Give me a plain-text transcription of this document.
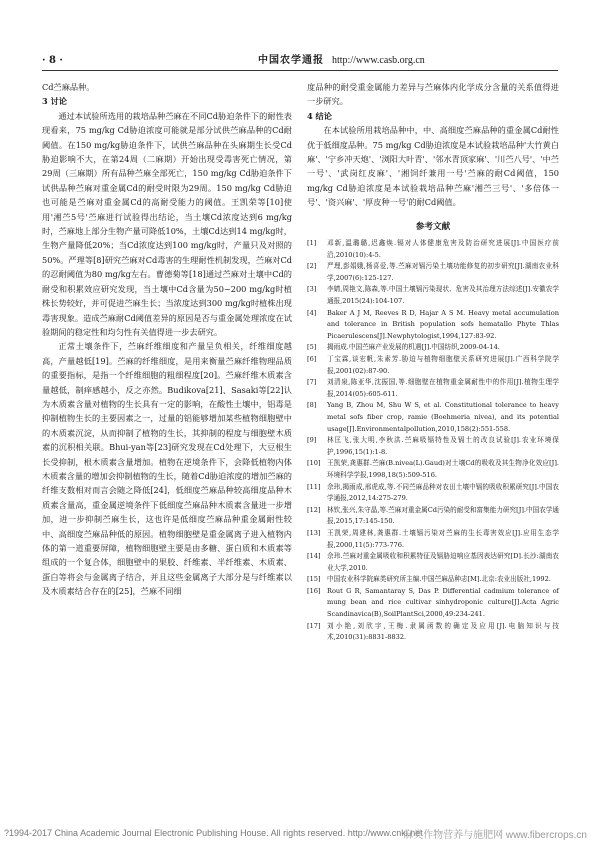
· 8 ·	中国农学通报 http://www.casb.org.cn

Cd苎麻品种。

3 讨论

通过本试验所选用的栽培品种苎麻在不同Cd胁迫条件下的耐性表现看来，75 mg/kg Cd胁迫浓度可能就是部分试供苎麻品种的Cd耐阈值。在150 mg/kg胁迫条件下，试供苎麻品种在头麻期生长受Cd胁迫影响不大，在第24周（二麻期）开始出现受毒害死亡情况，第29周（三麻期）所有品种苎麻全部死亡，150 mg/kg Cd胁迫条件下试供品种苎麻对重金属Cd的耐受时限为29周。150 mg/kg Cd胁迫也可能是苎麻对重金属Cd的高耐受能力的阈值。王凯荣等[10]使用'湘苎5号'苎麻进行试验得出结论，当土壤Cd浓度达到6 mg/kg时，苎麻地上部分生物产量可降低10%，土壤Cd达到14 mg/kg时，生物产量降低20%；当Cd浓度达到100 mg/kg时，产量只及对照的50%。严理等[8]研究苎麻对Cd毒害的生理耐性机制发现，苎麻对Cd的忍耐阈值为80 mg/kg左右。曹德菊等[18]通过苎麻对土壤中Cd的耐受和积累效应研究发现，当土壤中Cd含量为50~200 mg/kg时植株长势较好，并可促进苎麻生长；当浓度达到300 mg/kg时植株出现毒害现象。造成苎麻耐Cd阈值差异的原因是否与重金属处理浓度在试验期间的稳定性和均匀性有关值得进一步去研究。

正常土壤条件下，苎麻纤维细度和产量呈负相关，纤维细度越高，产量越低[19]。苎麻的纤维细度，是用来衡量苎麻纤维物理品质的重要指标，是指一个纤维细胞的粗细程度[20]。苎麻纤维木质素含量越低，制痒感越小，反之亦然。Budikova[21]、Sasaki等[22]认为木质素含量对植物的生长具有一定的影响，在酸性土壤中，铝毒是抑制植物生长的主要因素之一，过量的铝能够增加某些植物细胞壁中的木质素沉淀，从而抑制了植物的生长，其抑制的程度与细胞壁木质素的沉积相关联。Bhui-yan等[23]研究发现在Cd处理下，大豆根生长受抑制，根木质素含量增加。植物在逆境条件下，会降低植物内体木质素含量的增加会抑制植物的生长，随着Cd胁迫浓度的增加苎麻的纤维支数相对而言会随之降低[24]，低细度苎麻品种较高细度品种木质素含量高，重金属逆境条件下低细度苎麻品种木质素含量进一步增加，进一步抑制苎麻生长，这也许是低细度苎麻品种重金属耐性较中、高细度苎麻品种低的原因。植物细胞壁是重金属离子进入植物内体的第一道重要屏障，植物细胞壁主要是由多糖、蛋白质和木质素等组成的一个复合体，细胞壁中的果胶、纤维素、半纤维素、木质素、蛋白等将会与金属离子结合，并且这些金属离子大部分是与纤维素以及木质素结合存在的[25]，苎麻不同细

度品种的耐受重金属能力差异与苎麻体内化学成分含量的关系值得进一步研究。

4 结论

在本试验所用栽培品种中，中、高细度苎麻品种的重金属Cd耐性优于低细度品种。75 mg/kg Cd胁迫浓度是本试验栽培品种'大竹黄白麻'、'宁乡冲天炮'、'浏阳大叶青'、'邻水青顶家麻'、'川苎八号'、'中苎一号'、'武岗红皮麻'、'湘饲纤兼用一号'苎麻的耐Cd阈值，150 mg/kg Cd胁迫浓度是本试验栽培品种苎麻'湘苎三号'、'多倍体一号'、'资兴麻'、'厚皮种一号'的耐Cd阈值。

参考文献
[1] 邓新,温璐璐,迟鑫焕.镉对人体健康危害及防治研究进展[J].中国医疗前沿,2010(10):4-5.
[2] 严理,彭娟娥,杨喜爱,等.苎麻对镉污染土壤功能修复的初步研究[J].湖南农业科学,2007(6):125-127.
[3] 李婧,周艳文,陈森,等.中国土壤镉污染现状、危害及其治理方法综述[J].安徽农学通报,2015(24):104-107.
[4] Baker A J M, Reeves R D, Hajar A S M. Heavy metal accumulation and tolerance in British population sofs hematallo Phyte Thlas Picaerulescens[J].Newphytologist,1994,127:83-92.
[5] 揭雨成.中国苎麻产业发展的机遇[J].中国纺织,2009-04-14.
[6] 丁宝霖,谈宏帆,朱素芳.胁迫与植物细胞壁关系研究进展[J].广西科学院学报,2001(02):87-90.
[7] 刘清泉,陈亚华,沈振国,等.细胞壁在植物重金属耐性中的作用[J].植物生理学报,2014(05):605-611.
[8] Yang B, Zhou M, Shu W S, et al. Constitutional tolerance to heavy metal sofs fiber crop, ramie (Boehmeria nivea), and its potential usage[J].Environmentalpollution,2010,158(2):551-558.
[9] 林匡飞,张大明,李秋洪.苎麻吸镉特性及镉土的改良试验[J].农业环境保护,1996,15(1):1-8.
[10] 王凯荣,龚惠群.苎麻(B.nivea(L).Gaud)对土壤Cd的吸收及其生物净化效应[J].环境科学学报,1998,18(5):509-516.
[11] 佘玮,揭雨成,邢虎成,等.不同苎麻品种对农田土壤中镉的吸收积累研究[J].中国农学通报,2012,14:275-279.
[12] 林钦,张兴,朱守晶,等.苎麻对重金属Cd污染的耐受和富集能力研究[J].中国农学通报,2015,17:145-150.
[13] 王凯荣,周建林,龚惠群.土壤镉污染对苎麻的生长毒害效应[J].应用生态学报,2000,11(5):773-776.
[14] 佘玮.苎麻对重金属吸收和积累特征及镉胁迫响应基因表达研究[D].长沙:湖南农业大学,2010.
[15] 中国农业科学院麻类研究所主编.中国苎麻品种志[M].北京:农业出版社,1992.
[16] Rout G R, Samantaray S, Das P. Differential cadmium tolerance of mung bean and rice cultivar sinhydroponic culture[J].Acta Agric Scandinavica(B),SoilPlantSci,2000,49:234-241.
[17] 刘小艳,刘欣宇,王梅.隶属函数的确定及应用[J].电脑知识与技术,2010(31):8831-8832.
?1994-2017 China Academic Journal Electronic Publishing House. All rights reserved. http://www.cnki.net
麻类作物营养与施肥网 www.fibercrops.cn
